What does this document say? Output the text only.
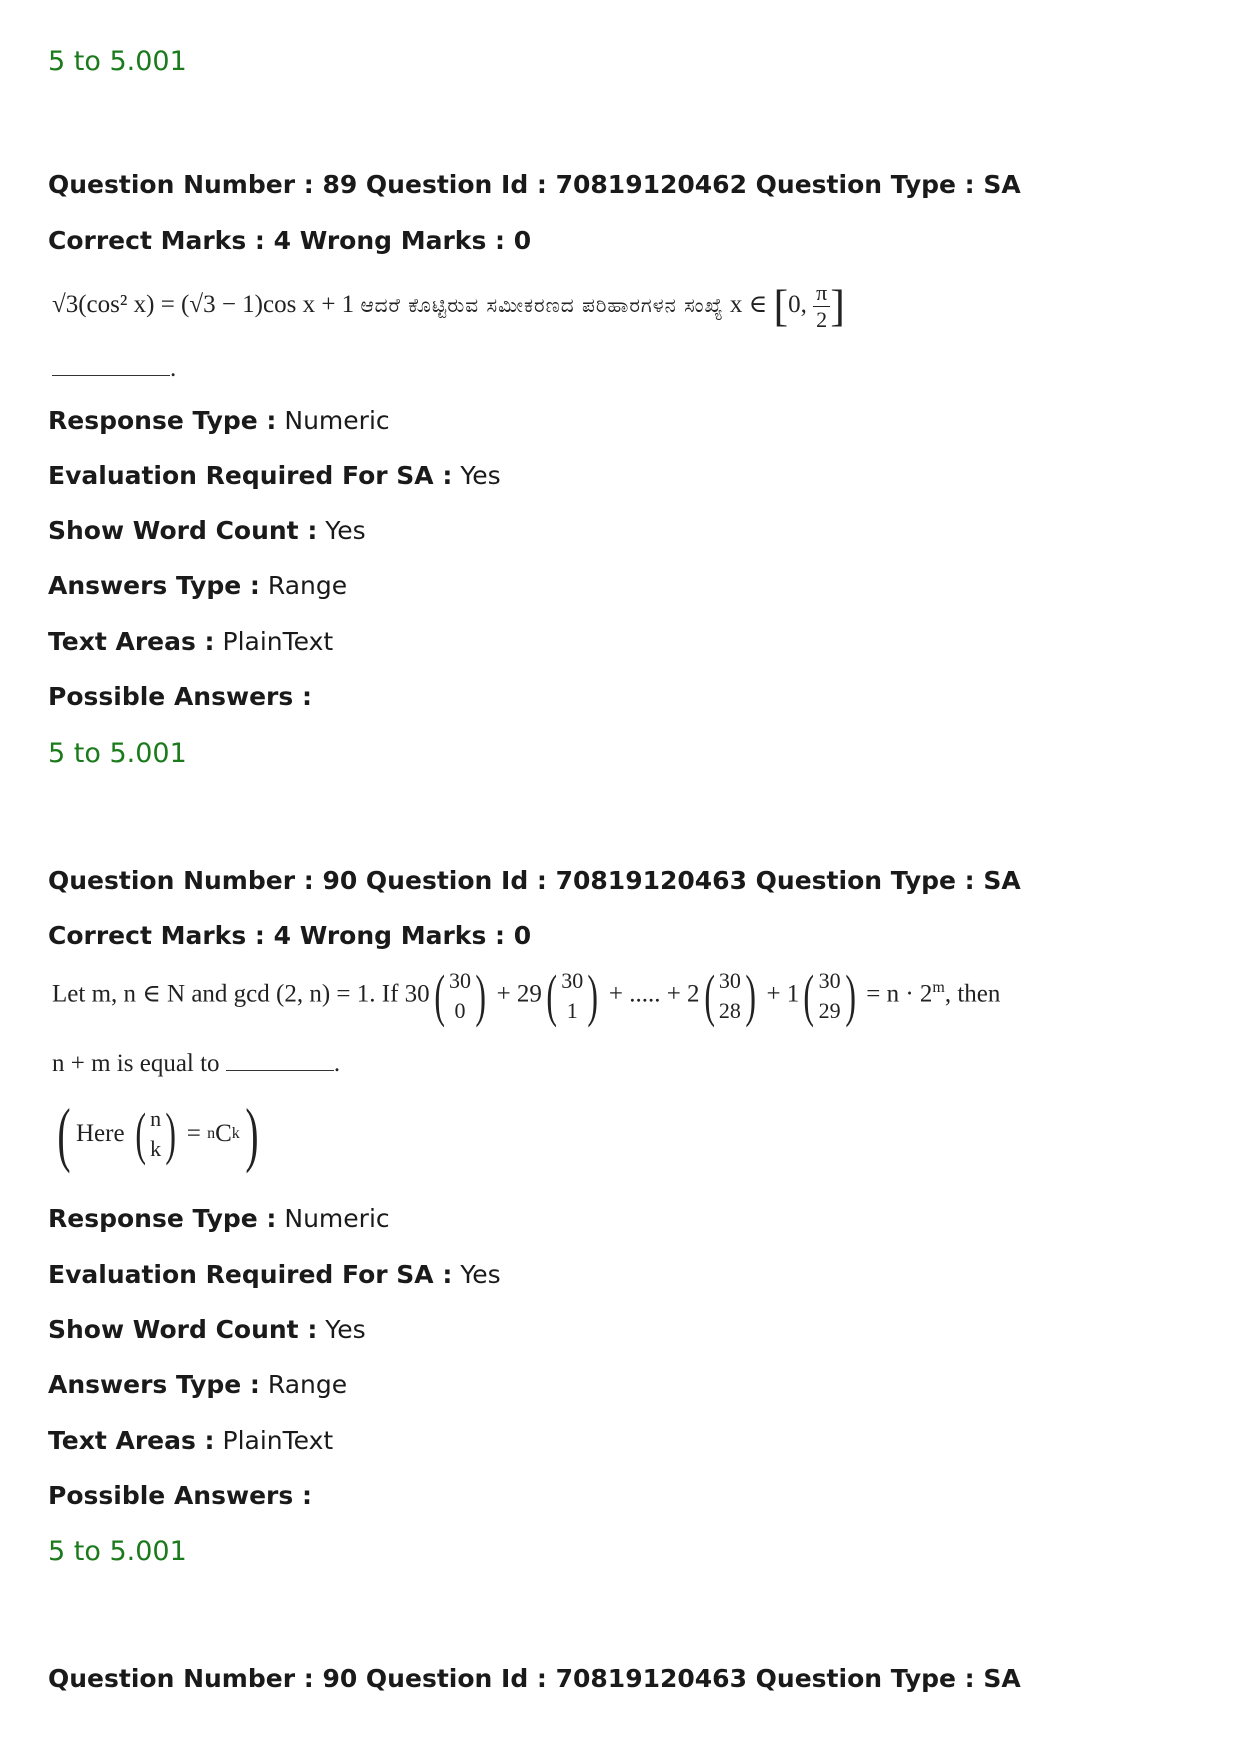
5 to 5.001
Question Number : 89 Question Id : 70819120462 Question Type : SA
Correct Marks : 4 Wrong Marks : 0
√3(cos² x) = (√3 − 1)cos x + 1 ಆದರೆ ಕೊಟ್ಟಿರುವ ಸಮೀಕರಣದ ಪರಿಹಾರಗಳನ ಸಂಖ್ಯೆ x ∈ [0, $\frac{\pi}{2}$ ]
.
Response Type : Numeric
Evaluation Required For SA : Yes
Show Word Count : Yes
Answers Type : Range
Text Areas : PlainText
Possible Answers :
5 to 5.001
Question Number : 90 Question Id : 70819120463 Question Type : SA
Correct Marks : 4 Wrong Marks : 0
Let m, n ∈ N and gcd (2, n) = 1. If 30 ( 30
0 ) + 29 ( 30
1 ) + ..... + 2 ( 30
28 ) + 1 ( 30
29 ) = $n \cdot 2^m$, then
n + m is equal to	.
( Here
( n
k )
=
n C k )
Response Type : Numeric
Evaluation Required For SA : Yes
Show Word Count : Yes
Answers Type : Range
Text Areas : PlainText
Possible Answers :
5 to 5.001
Question Number : 90 Question Id : 70819120463 Question Type : SA
